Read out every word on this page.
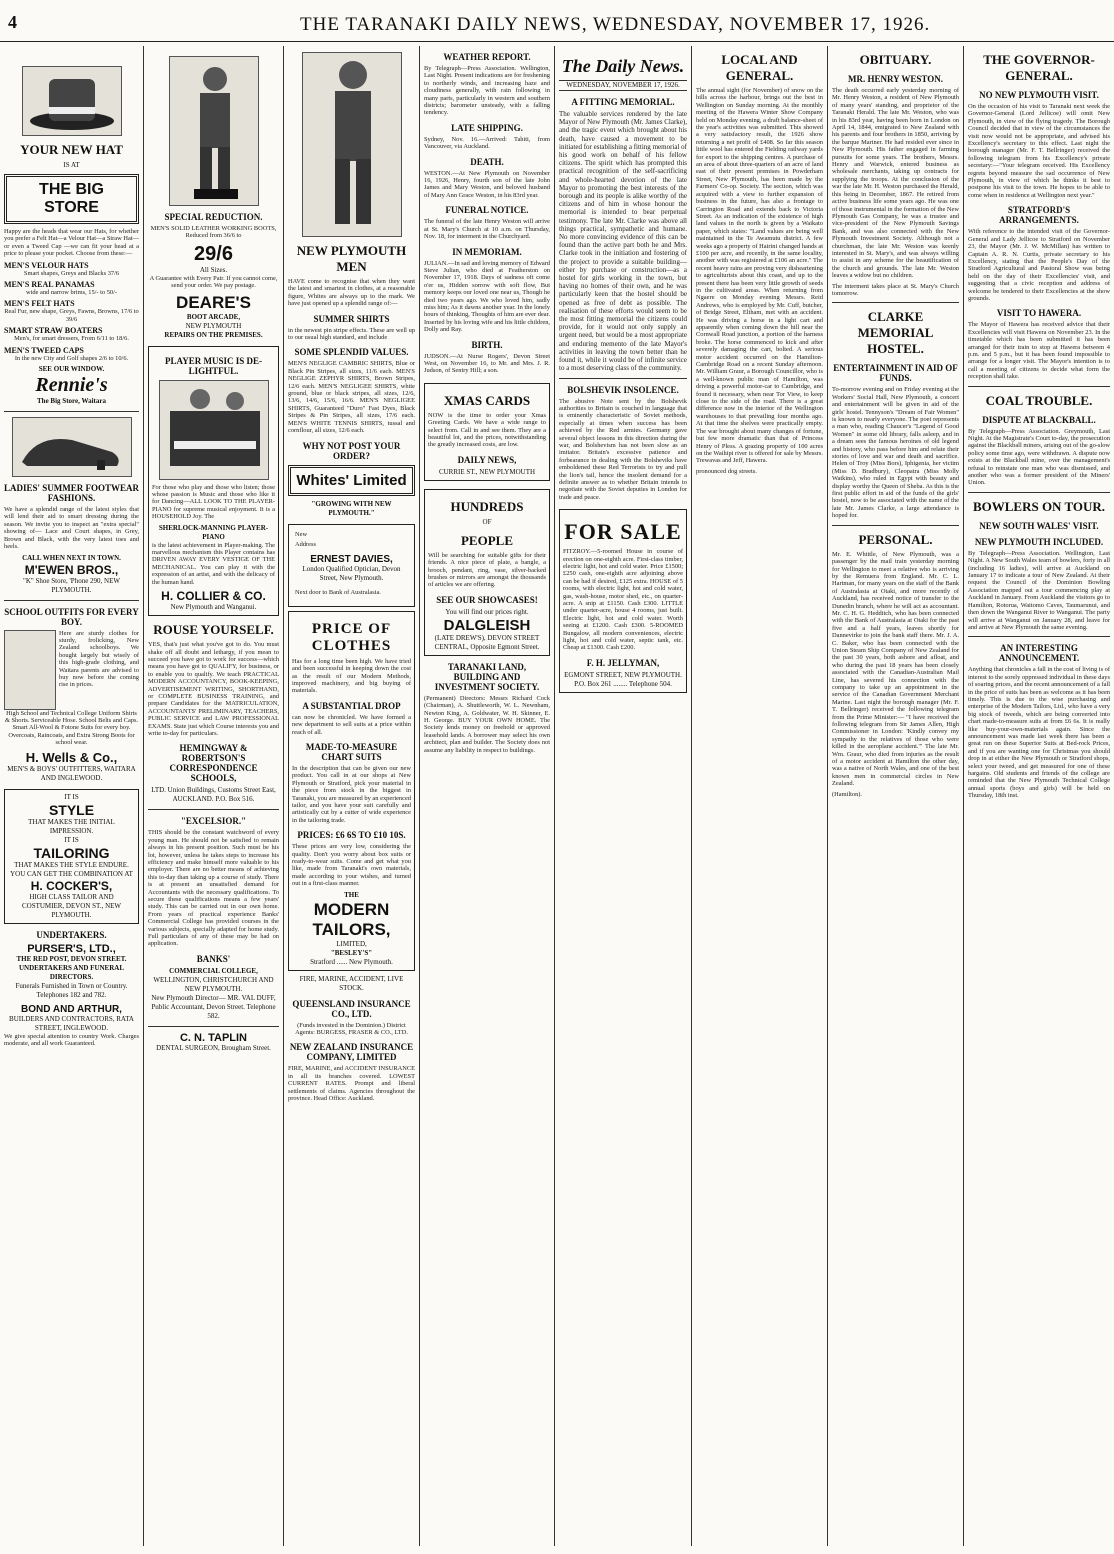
4	THE TARANAKI DAILY NEWS, WEDNESDAY, NOVEMBER 17, 1926.
YOUR NEW HAT
IS AT
THE BIG STORE
Happy are the heads that wear our Hats, for whether you prefer a Felt Hat—a Velour Hat—a Straw Hat—or even a Tweed Cap —we can fit your head at a price to please your pocket. Choose from these:—
MEN'S VELOUR HATS
Smart shapes, Greys and Blacks 37/6
MEN'S REAL PANAMAS
wide and narrow brims, 15/- to 50/-
MEN'S FELT HATS
Real Fur, new shape, Greys, Fawns, Browns, 17/6 to 39/6
SMART STRAW BOATERS
Men's, for smart dressers, From 6/11 to 18/6.
MEN'S TWEED CAPS
In the new City and Golf shapes 2/6 to 10/6.
SEE OUR WINDOW.
Rennie's
The Big Store, Waitara
LADIES' SUMMER FOOTWEAR FASHIONS.
We have a splendid range of the latest styles that will lend their aid to smart dressing during the season. We invite you to inspect an "extra special" showing of— Lace and Court shapes, in Grey, Brown and Black, with the very latest toes and heels.
CALL WHEN NEXT IN TOWN.
M'EWEN BROS.,
"K" Shoe Store, 'Phone 290, NEW PLYMOUTH.
SCHOOL OUTFITS FOR EVERY BOY.
Here are sturdy clothes for sturdy, frolicking, New Zealand schoolboys. We bought largely but wisely of this high-grade clothing, and Waitara parents are advised to buy now before the coming rise in prices.
High School and Technical College Uniform Shirts & Shorts. Serviceable Hose. School Belts and Caps. Smart All-Wool & Fotone Suits for every boy. Overcoats, Raincoats, and Extra Strong Boots for school wear.
H. Wells & Co.,
MEN'S & BOYS' OUTFITTERS, WAITARA AND INGLEWOOD.
IT IS
STYLE
THAT MAKES THE INITIAL IMPRESSION.
IT IS
TAILORING
THAT MAKES THE STYLE ENDURE. YOU CAN GET THE COMBINATION AT
H. COCKER'S,
HIGH CLASS TAILOR AND COSTUMIER, DEVON ST., NEW PLYMOUTH.
UNDERTAKERS.
PURSER'S, LTD.,
THE RED POST, DEVON STREET.
UNDERTAKERS AND FUNERAL DIRECTORS.
Funerals Furnished in Town or Country. Telephones 182 and 782.
BOND AND ARTHUR,
BUILDERS AND CONTRACTORS, RATA STREET, INGLEWOOD.
We give special attention to country Work. Charges moderate, and all work Guaranteed.
SPECIAL REDUCTION.
MEN'S SOLID LEATHER WORKING BOOTS, Reduced from 36/6 to
29/6
All Sizes.
A Guarantee with Every Pair. If you cannot come, send your order. We pay postage.
DEARE'S
BOOT ARCADE,
NEW PLYMOUTH
REPAIRS ON THE PREMISES.
PLAYER MUSIC IS DE-LIGHTFUL.
For those who play and those who listen; those whose passion is Music and those who like it for Dancing—ALL LOOK TO THE PLAYER-PIANO for supreme musical enjoyment. It is a HOUSEHOLD Joy. The
SHERLOCK-MANNING PLAYER-PIANO
is the latest achievement in Player-making. The marvellous mechanism this Player contains has DRIVEN AWAY EVERY VESTIGE OF THE MECHANICAL. You can play it with the expression of an artist, and with the delicacy of the human hand.
H. COLLIER & CO.
New Plymouth and Wanganui.
ROUSE YOURSELF.
YES, that's just what you've got to do. You must shake off all doubt and lethargy, if you mean to succeed you have got to work for success—which means you have got to QUALIFY, for business, or to enable you to qualify. We teach PRACTICAL MODERN ACCOUNTANCY, BOOK-KEEPING, ADVERTISEMENT WRITING, SHORTHAND, or COMPLETE BUSINESS TRAINING, and prepare Candidates for the MATRICULATION, ACCOUNTANTS' PRELIMINARY, TEACHERS, PUBLIC SERVICE and LAW PROFESSIONAL EXAMS. State just which Course interests you and write to-day for particulars.
HEMINGWAY & ROBERTSON'S CORRESPONDENCE SCHOOLS,
LTD. Union Buildings, Customs Street East, AUCKLAND. P.O. Box 516.
"EXCELSIOR."
THIS should be the constant watchword of every young man. He should not be satisfied to remain always in his present position. Such must be his lot, however, unless he takes steps to increase his efficiency and make himself more valuable to his employer. There are no better means of achieving this to-day than taking up a course of study. There is at present an unsatisfied demand for Accountants with the necessary qualifications. To secure these qualifications means a few years' study. This can be carried out in our own home. From years of practical experience Banks' Commercial College has provided courses in the various subjects, specially adapted for home study. Full particulars of any of these may be had on application.
BANKS'
COMMERCIAL COLLEGE,
WELLINGTON, CHRISTCHURCH AND NEW PLYMOUTH.
New Plymouth Director— MR. VAL DUFF, Public Accountant, Devon Street. Telephone 582.
C. N. TAPLIN
DENTAL SURGEON, Brougham Street.
NEW PLYMOUTH MEN
HAVE come to recognise that when they want the latest and smartest in clothes, at a reasonable figure, Whites are always up to the mark. We have just opened up a splendid range of:—
SUMMER SHIRTS
in the newest pin stripe effects. These are well up to our usual high standard, and include
SOME SPLENDID VALUES.
MEN'S NEGLIGE CAMBRIC SHIRTS, Blue or Black Pin Stripes, all sizes, 11/6 each. MEN'S NEGLIGE ZEPHYR SHIRTS, Brown Stripes, 12/6 each. MEN'S NEGLIGEE SHIRTS, white ground, blue or black stripes, all sizes, 12/6, 13/6, 14/6, 15/6, 16/6. MEN'S NEGLIGEE SHIRTS, Guaranteed "Duro" Fast Dyes, Black Stripes & Pin Stripes, all sizes, 17/6 each. MEN'S WHITE TENNIS SHIRTS, tussal and cornflour, all sizes, 12/6 each.
WHY NOT POST YOUR ORDER?
Whites' Limited
"GROWING WITH NEW PLYMOUTH."
New
Address
ERNEST DAVIES,
London Qualified Optician, Devon Street, New Plymouth.
Next door to Bank of Australasia.
PRICE OF CLOTHES
Has for a long time been high. We have tried and been successful in keeping down the cost as the result of our Modern Methods, improved machinery, and big buying of materials.
A SUBSTANTIAL DROP
can now be chronicled. We have formed a new department to sell suits at a price within reach of all.
MADE-TO-MEASURE CHART SUITS
In the description that can be given our new product. You call in at our shops at New Plymouth or Stratford, pick your material in the piece from stock in the biggest in Taranaki, you are measured by an experienced tailor, and you have your suit carefully and artistically cut by a cutter of wide experience in the tailoring trade.
PRICES: £6 6S TO £10 10S.
These prices are very low, considering the quality. Don't you worry about box suits or ready-to-wear suits. Come and get what you like, made from Taranaki's own materials, made according to your wishes, and turned out in a first-class manner.
THE
MODERN TAILORS,
LIMITED,
"BESLEY'S"
Stratford ...... New Plymouth.
FIRE, MARINE, ACCIDENT, LIVE STOCK.
QUEENSLAND INSURANCE CO., LTD.
(Funds invested in the Dominion.) District Agents: BURGESS, FRASER & CO., LTD.
NEW ZEALAND INSURANCE COMPANY, LIMITED
FIRE, MARINE, and ACCIDENT INSURANCE in all its branches covered. LOWEST CURRENT RATES. Prompt and liberal settlements of claims. Agencies throughout the province. Head Office: Auckland.
WEATHER REPORT.
By Telegraph—Press Association. Wellington, Last Night. Present indications are for freshening to northerly winds, and increasing haze and cloudiness generally, with rain following in many parts, particularly in western and southern districts; barometer unsteady, with a falling tendency.
LATE SHIPPING.
Sydney, Nov. 16.—Arrived: Tahiti, from Vancouver, via Auckland.
DEATH.
WESTON.—At New Plymouth on November 16, 1926, Henry, fourth son of the late John James and Mary Weston, and beloved husband of Mary Ann Grace Weston, in his 83rd year.
FUNERAL NOTICE.
The funeral of the late Henry Weston will arrive at St. Mary's Church at 10 a.m. on Thursday, Nov. 18, for interment in the Churchyard.
IN MEMORIAM.
JULIAN.—In sad and loving memory of Edward Steve Julian, who died at Featherston on November 17, 1918. Days of sadness oft come o'er us, Hidden sorrow with soft flow, But memory keeps our loved one near us, Though he died two years ago. We who loved him, sadly miss him; As it dawns another year. In the lonely hours of thinking, Thoughts of him are ever dear. Inserted by his loving wife and his little children, Dolly and Ray.
BIRTH.
JUDSON.—At Nurse Rogers', Devon Street West, on November 16, to Mr. and Mrs. J. R. Judson, of Sentry Hill; a son.
XMAS CARDS
NOW is the time to order your Xmas Greeting Cards. We have a wide range to select from. Call in and see them. They are a beautiful lot, and the prices, notwithstanding the greatly increased costs, are low.
DAILY NEWS,
CURRIE ST., NEW PLYMOUTH
HUNDREDS
OF
PEOPLE
Will be searching for suitable gifts for their friends. A nice piece of plate, a bangle, a brooch, pendant, ring, vase, silver-backed brushes or mirrors are amongst the thousands of articles we are offering.
SEE OUR SHOWCASES!
You will find our prices right.
DALGLEISH
(LATE DREW'S), DEVON STREET CENTRAL, Opposite Egmont Street.
TARANAKI LAND, BUILDING AND INVESTMENT SOCIETY.
(Permanent) Directors: Messrs Richard Cock (Chairman), A. Shuttleworth, W. L. Newnham, Newton King, A. Goldwater, W. H. Skinner, E. H. George. BUY YOUR OWN HOME. The Society lends money on freehold or approved leasehold lands. A borrower may select his own architect, plan and builder. The Society does not assume any liability in respect to buildings.
The Daily News.
WEDNESDAY, NOVEMBER 17, 1926.
A FITTING MEMORIAL.
The valuable services rendered by the late Mayor of New Plymouth (Mr. James Clarke), and the tragic event which brought about his death, have caused a movement to be initiated for establishing a fitting memorial of his good work on behalf of his fellow citizens. The spirit which has prompted this practical recognition of the self-sacrificing and whole-hearted devotion of the late Mayor to promoting the best interests of the borough and its people is alike worthy of the citizens and of him in whose honour the memorial is intended to bear perpetual testimony. The late Mr. Clarke was above all things practical, sympathetic and humane. No more convincing evidence of this can be found than the active part both he and Mrs. Clarke took in the initiation and fostering of the project to provide a suitable building—either by purchase or construction—as a hostel for girls working in the town, but having no homes of their own, and he was particularly keen that the hostel should be opened as free of debt as possible. The realisation of these efforts would seem to be the most fitting memorial the citizens could provide, for it would not only supply an urgent need, but would be a most appropriate and enduring memento of the late Mayor's activities in leaving the town better than he found it, while it would be of infinite service to a most deserving class of the community.
BOLSHEVIK INSOLENCE.
The abusive Note sent by the Bolshevik authorities to Britain is couched in language that is eminently characteristic of Soviet methods, especially at times when success has been achieved by the Red armies. Germany gave several object lessons in this direction during the war, and Bolshevism has not been slow as an imitator. Britain's excessive patience and forbearance in dealing with the Bolsheviks have emboldened these Red Terrorists to try and pull the lion's tail, hence the insolent demand for a definite answer as to whether Britain intends to negotiate with the Soviet deputies in London for trade and peace.
FOR SALE
FITZROY.—5-roomed House in course of erection on one-eighth acre. First-class timber, electric light, hot and cold water. Price £1500; £250 cash, one-eighth acre adjoining above can be had if desired, £125 extra. HOUSE of 5 rooms, with electric light, hot and cold water, gas, wash-house, motor shed, etc., on quarter-acre. A snip at £1150. Cash £300. LITTLE under quarter-acre, house 4 rooms, just built. Electric light, hot and cold water. Worth seeing at £1200. Cash £300. 5-ROOMED Bungalow, all modern conveniences, electric light, hot and cold water, septic tank, etc. Cheap at £1300. Cash £200.
F. H. JELLYMAN,
EGMONT STREET, NEW PLYMOUTH. P.O. Box 261 ........ Telephone 504.
LOCAL AND GENERAL.
The annual sight (for November) of snow on the hills across the harbour, brings out the best in Wellington on Sunday morning. At the monthly meeting of the Hawera Winter Show Company held on Monday evening, a draft balance-sheet of the year's activities was submitted. This showed a very satisfactory result, the 1926 show returning a net profit of £408. So far this season little wool has entered the Fielding railway yards for export to the shipping centres. A purchase of an area of about three-quarters of an acre of land east of their present premises in Powderham Street, New Plymouth, has been made by the Farmers' Co-op. Society. The section, which was acquired with a view to further expansion of business in the future, has also a frontage to Carrington Road and extends back to Victoria Street. As an indication of the existence of high land values in the north is given by a Waikato paper, which states: "Land values are being well maintained in the Te Awamutu district. A few weeks ago a property of Hairini changed hands at £100 per acre, and recently, in the same locality, another with was registered at £106 an acre." The recent heavy rains are proving very disheartening to agriculturists about this coast, and up to the present there has been very little growth of seeds in the cultivated areas. When returning from Ngaere on Monday evening Messrs. Reid Andrews, who is employed by Mr. Cuff, butcher, of Bridge Street, Eltham, met with an accident. He was driving a horse in a light cart and apparently when coming down the hill near the Cornwall Road junction, a portion of the harness broke. The horse commenced to kick and after severely damaging the cart, bolted. A serious motor accident occurred on the Hamilton-Cambridge Road on a recent Sunday afternoon. Mr. William Graur, a Borough Councillor, who is a well-known public man of Hamilton, was driving a powerful motor-car to Cambridge, and found it necessary, when near Tor View, to keep close to the side of the road. There is a great difference now in the interior of the Wellington warehouses to that prevailing four months ago. At that time the shelves were practically empty. The war brought about many changes of fortune, but few more dramatic than that of Princess Henry of Pless. A grazing property of 100 acres on the Waihipi river is offered for sale by Messrs. Trewavas and Jeff, Hawera.
pronounced dog streets.
OBITUARY.
MR. HENRY WESTON.
The death occurred early yesterday morning of Mr. Henry Weston, a resident of New Plymouth of many years' standing, and proprietor of the Taranaki Herald. The late Mr. Weston, who was in his 83rd year, having been born in London on April 14, 1844, emigrated to New Zealand with his parents and four brothers in 1850, arriving by the barque Mariner. He had resided ever since in New Plymouth. His father engaged in farming pursuits for some years. The brothers, Messrs. Henry and Warwick, entered business as wholesale merchants, taking up contracts for supplying the troops. At the conclusion of the war the late Mr. H. Weston purchased the Herald, this being in December, 1867. He retired from active business life some years ago. He was one of those instrumental in the formation of the New Plymouth Gas Company, he was a trustee and vice-president of the New Plymouth Savings Bank, and was also connected with the New Plymouth Investment Society. Although not a churchman, the late Mr. Weston was keenly interested in St. Mary's, and was always willing to assist in any scheme for the beautification of the church and grounds. The late Mr. Weston leaves a widow but no children.
The interment takes place at St. Mary's Church tomorrow.
CLARKE MEMORIAL HOSTEL.
ENTERTAINMENT IN AID OF FUNDS.
To-morrow evening and on Friday evening at the Workers' Social Hall, New Plymouth, a concert and entertainment will be given in aid of the girls' hostel. Tennyson's "Dream of Fair Women" is known to nearly everyone. The poet represents a man who, reading Chaucer's "Legend of Good Women" in some old library, falls asleep, and in a dream sees the famous heroines of old legend and history, who pass before him and relate their stories of love and war and death and sacrifice. Helen of Troy (Miss Bors), Iphigenia, her victim (Miss D. Bradbury), Cleopatra (Miss Molly Watkins), who ruled in Egypt with beauty and display worthy the Queen of Sheba. As this is the first public effort in aid of the funds of the girls' hostel, now to be associated with the name of the late Mr. James Clarke, a large attendance is hoped for.
PERSONAL.
Mr. E. Whittle, of New Plymouth, was a passenger by the mail train yesterday morning for Wellington to meet a relative who is arriving by the Remuera from England. Mr. C. L. Hartman, for many years on the staff of the Bank of Australasia at Otaki, and more recently of Auckland, has received notice of transfer to the Dunedin branch, where he will act as accountant. Mr. C. H. G. Hedditch, who has been connected with the Bank of Australasia at Otaki for the past five and a half years, leaves shortly for Dannevirke to join the bank staff there. Mr. J. A. C. Baker, who has been connected with the Union Steam Ship Company of New Zealand for the past 30 years, both ashore and afloat, and who during the past 18 years has been closely associated with the Canadian-Australian Mail Line, has severed his connection with the company to take up an appointment in the service of the Canadian Government Merchant Marine. Last night the borough manager (Mr. F. T. Bellringer) received the following telegram from the Prime Minister:— "I have received the following telegram from Sir James Allen, High Commissioner in London: 'Kindly convey my sympathy to the relatives of those who were killed in the aeroplane accident.'" The late Mr. Wm. Graur, who died from injuries as the result of a motor accident at Hamilton the other day, was a native of North Wales, and one of the best known men in commercial circles in New Zealand.
(Hamilton).
THE GOVERNOR-GENERAL.
NO NEW PLYMOUTH VISIT.
On the occasion of his visit to Taranaki next week the Governor-General (Lord Jellicoe) will omit New Plymouth, in view of the flying tragedy. The Borough Council decided that in view of the circumstances the visit now would not be appropriate, and advised his Excellency's secretary to this effect. Last night the borough manager (Mr. F. T. Bellringer) received the following telegram from his Excellency's private secretary:—"Your telegram received. His Excellency regrets beyond measure the sad occurrence of New Plymouth, in view of which he thinks it best to postpone his visit to the town. He hopes to be able to come when in residence at Wellington next year."
STRATFORD'S ARRANGEMENTS.
With reference to the intended visit of the Governor-General and Lady Jellicoe to Stratford on November 23, the Mayor (Mr. J. W. McMillan) has written to Captain A. R. N. Curtis, private secretary to his Excellency, stating that the People's Day of the Stratford Agricultural and Pastoral Show was being held on the day of their Excellencies' visit, and suggesting that a civic reception and address of welcome be tendered to their Excellencies at the show grounds.
VISIT TO HAWERA.
The Mayor of Hawera has received advice that their Excellencies will visit Hawera on November 23. In the timetable which has been submitted it has been arranged for their train to stop at Hawera between 4 p.m. and 5 p.m., but it has been found impossible to arrange for a longer visit. The Mayor's intention is to call a meeting of citizens to decide what form the reception shall take.
COAL TROUBLE.
DISPUTE AT BLACKBALL.
By Telegraph—Press Association. Greymouth, Last Night. At the Magistrate's Court to-day, the prosecution against the Blackball miners, arising out of the go-slow policy some time ago, were withdrawn. A dispute now exists at the Blackball mine, over the management's refusal to reinstate one man who was dismissed, and another who was a former president of the Miners' Union.
BOWLERS ON TOUR.
NEW SOUTH WALES' VISIT.
NEW PLYMOUTH INCLUDED.
By Telegraph—Press Association. Wellington, Last Night. A New South Wales team of bowlers, forty in all (including 16 ladies), will arrive at Auckland on January 17 to indicate a tour of New Zealand. At their request the Council of the Dominion Bowling Association mapped out a tour commencing play at Auckland in January. From Auckland the visitors go to Hamilton, Rotorua, Waitomo Caves, Taumarunui, and then down the Wanganui River to Wanganui. The party will arrive at Wanganui on January 28, and leave for and arrive at New Plymouth the same evening.
AN INTERESTING ANNOUNCEMENT.
Anything that chronicles a fall in the cost of living is of interest to the sorely oppressed individual in these days of soaring prices, and the recent announcement of a fall in the price of suits has been as welcome as it has been timely. This is due to the wise purchasing and enterprise of the Modern Tailors, Ltd., who have a very big stock of tweeds, which are being converted into chart made-to-measure suits at from £6 6s. It is really like buy-your-own-materials again. Since the announcement was made last week there has been a great run on these Superior Suits at Bed-rock Prices, and if you are wanting one for Christmas you should drop in at either the New Plymouth or Stratford shops, select your tweed, and get measured for one of these bargains. Old students and friends of the college are reminded that the New Plymouth Technical College annual sports (boys and girls) will be held on Thursday, 18th inst.
